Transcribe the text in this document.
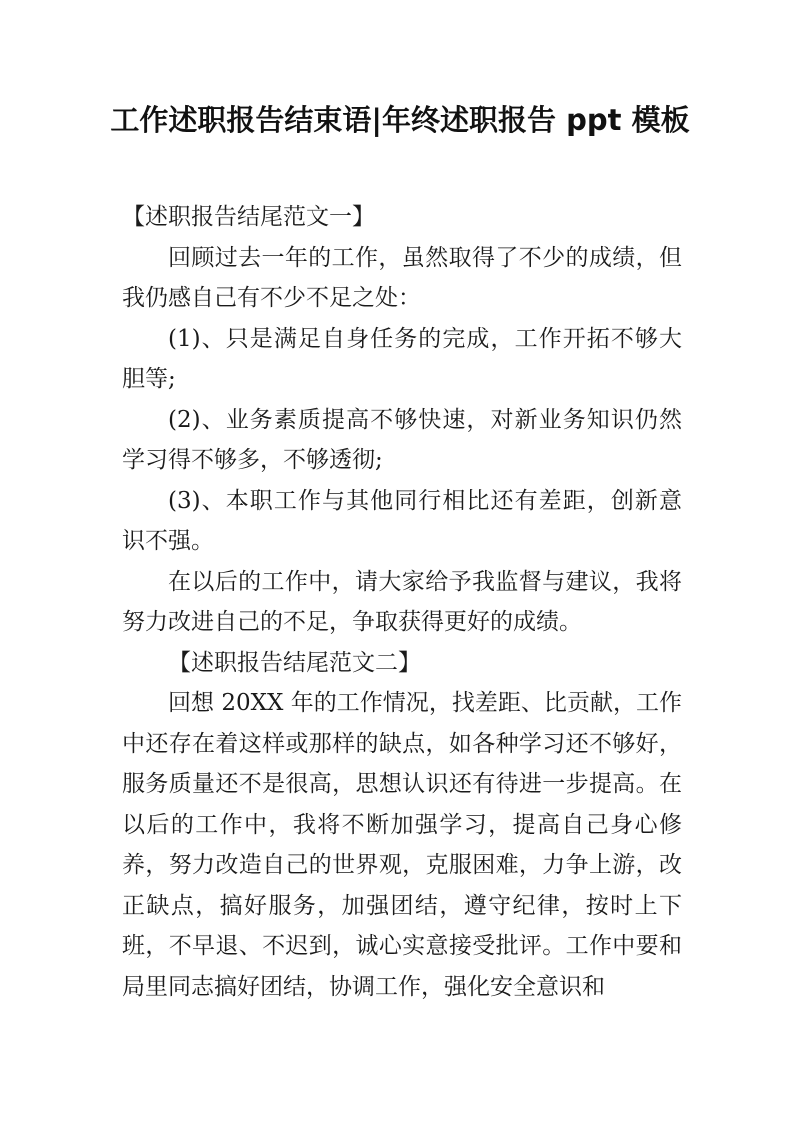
工作述职报告结束语|年终述职报告 ppt 模板

【述职报告结尾范文一】

回顾过去一年的工作，虽然取得了不少的成绩，但我仍感自己有不少不足之处：

(1)、只是满足自身任务的完成，工作开拓不够大胆等;

(2)、业务素质提高不够快速，对新业务知识仍然学习得不够多，不够透彻;

(3)、本职工作与其他同行相比还有差距，创新意识不强。

在以后的工作中，请大家给予我监督与建议，我将努力改进自己的不足，争取获得更好的成绩。

【述职报告结尾范文二】

回想 20XX 年的工作情况，找差距、比贡献，工作中还存在着这样或那样的缺点，如各种学习还不够好，服务质量还不是很高，思想认识还有待进一步提高。在以后的工作中，我将不断加强学习，提高自己身心修养，努力改造自己的世界观，克服困难，力争上游，改正缺点，搞好服务，加强团结，遵守纪律，按时上下班，不早退、不迟到，诚心实意接受批评。工作中要和局里同志搞好团结，协调工作，强化安全意识和
